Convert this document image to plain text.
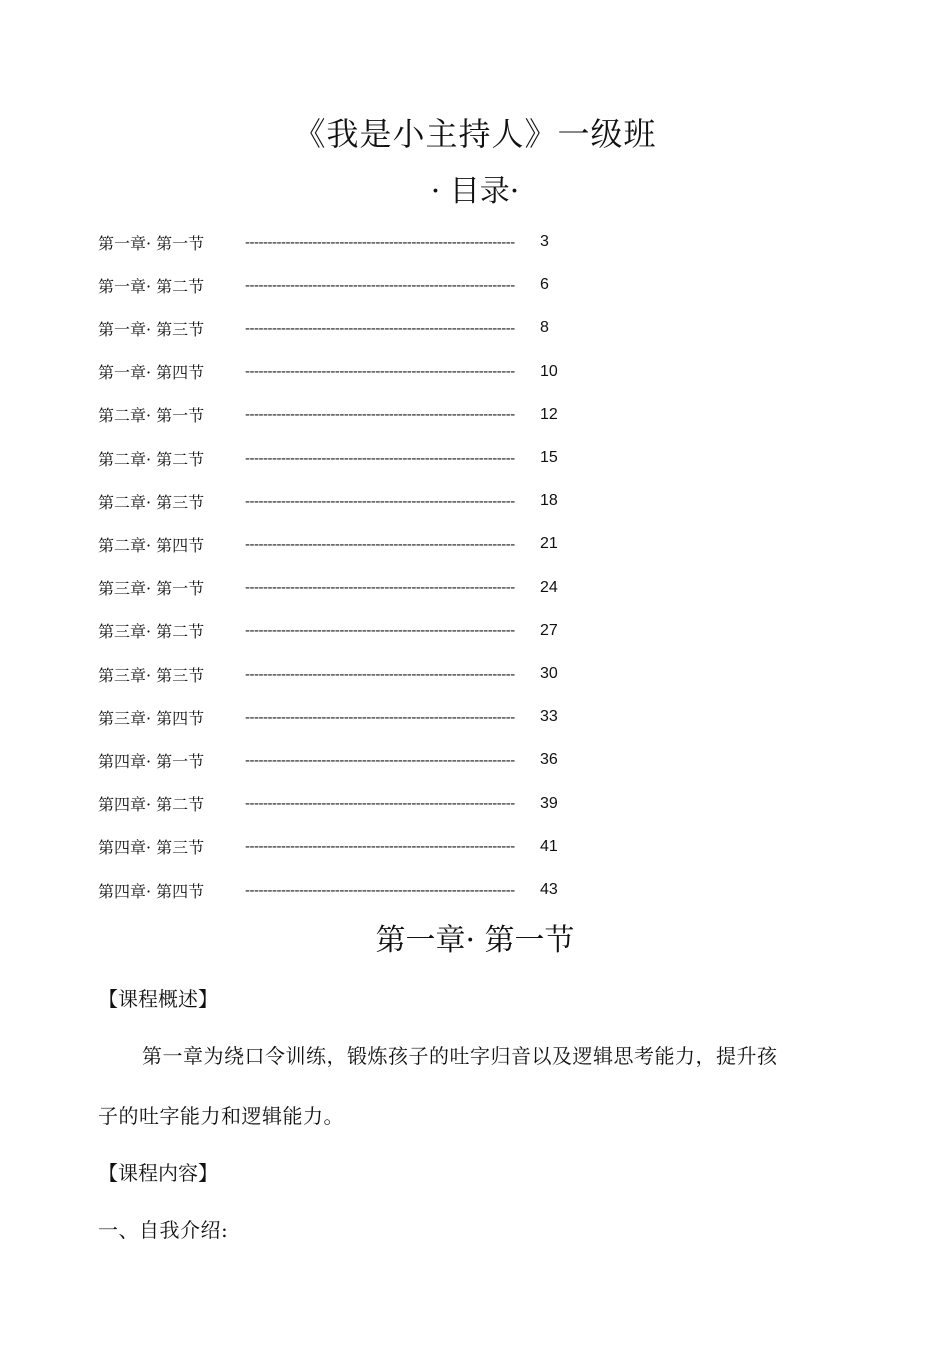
《我是小主持人》一级班
· 目录·
第一章· 第一节	------------------------------------------------------------	3
第一章· 第二节	------------------------------------------------------------	6
第一章· 第三节	------------------------------------------------------------	8
第一章· 第四节	------------------------------------------------------------	10
第二章· 第一节	------------------------------------------------------------	12
第二章· 第二节	------------------------------------------------------------	15
第二章· 第三节	------------------------------------------------------------	18
第二章· 第四节	------------------------------------------------------------	21
第三章· 第一节	------------------------------------------------------------	24
第三章· 第二节	------------------------------------------------------------	27
第三章· 第三节	------------------------------------------------------------	30
第三章· 第四节	------------------------------------------------------------	33
第四章· 第一节	------------------------------------------------------------	36
第四章· 第二节	------------------------------------------------------------	39
第四章· 第三节	------------------------------------------------------------	41
第四章· 第四节	------------------------------------------------------------	43
第一章· 第一节
【课程概述】
第一章为绕口令训练，锻炼孩子的吐字归音以及逻辑思考能力，提升孩
子的吐字能力和逻辑能力。
【课程内容】
一、自我介绍:
